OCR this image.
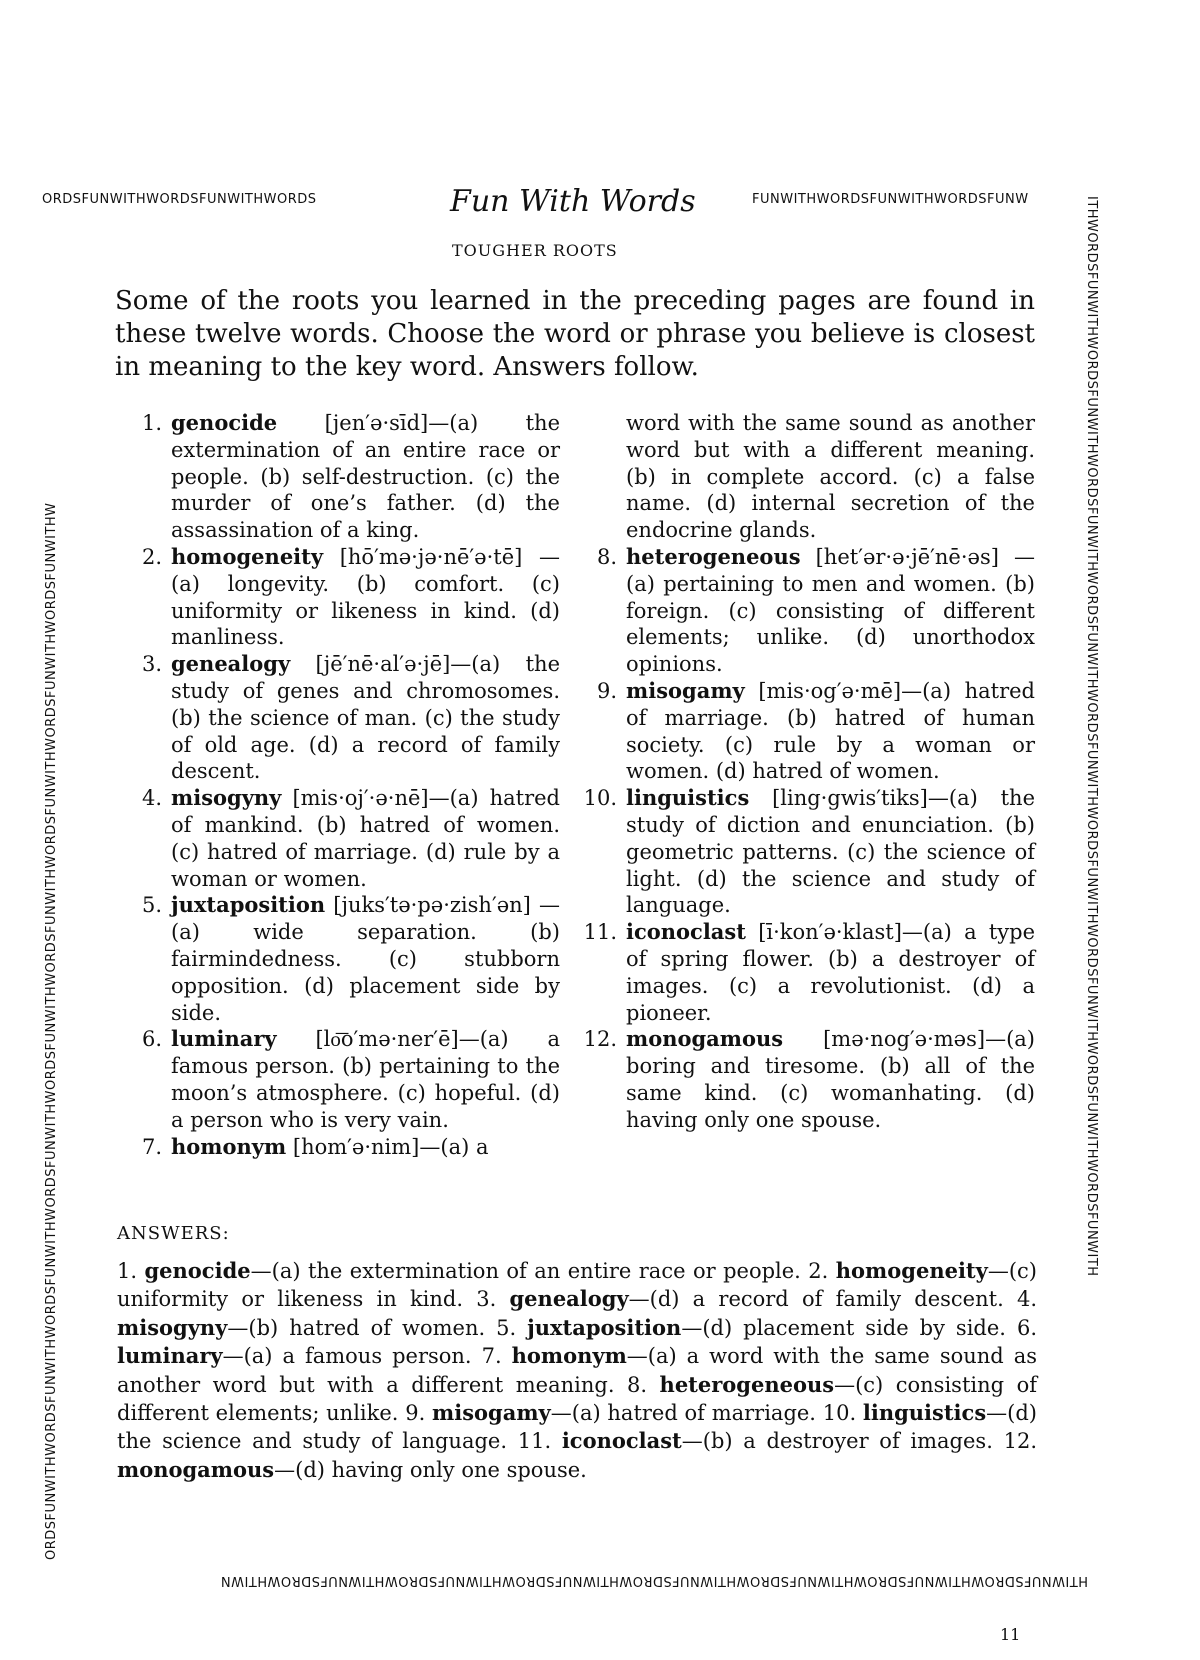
ORDSFUNWITHWORDSFUNWITHWORDS	FUNWITHWORDSFUNWITHWORDSFUNW
ORDSFUNWITHWORDSFUNWITHWORDSFUNWITHWORDSFUNWITHWORDSFUNWITHWORDSFUNWITHWORDSFUNWITHWORDSFUNWITHWORDSFUNWITHW	ITHWORDSFUNWITHWORDSFUNWITHWORDSFUNWITHWORDSFUNWITHWORDSFUNWITHWORDSFUNWITHWORDSFUNWITHWORDSFUNWITHWORDSFUNWITH
HTIWNUFSDROWHTIWNUFSDROWHTIWNUFSDROWHTIWNUFSDROWHTIWNUFSDROWHTIWNUFSDROWHTIWNUFSDROWHTIWN
Fun With Words
TOUGHER ROOTS
Some of the roots you learned in the preceding pages are found in these twelve words. Choose the word or phrase you believe is closest in meaning to the key word. Answers follow.
1. genocide [jen′ə·sīd]—(a) the extermination of an entire race or people. (b) self-destruction. (c) the murder of one’s father. (d) the assassination of a king.
2. homogeneity [hō′mə·jə·nē′ə·tē] —(a) longevity. (b) comfort. (c) uniformity or likeness in kind. (d) manliness.
3. genealogy [jē′nē·al′ə·jē]—(a) the study of genes and chromosomes. (b) the science of man. (c) the study of old age. (d) a record of family descent.
4. misogyny [mis·oj′·ə·nē]—(a) hatred of mankind. (b) hatred of women. (c) hatred of marriage. (d) rule by a woman or women.
5. juxtaposition [juks′tə·pə·zish′ən] —(a) wide separation. (b) fairmindedness. (c) stubborn opposition. (d) placement side by side.
6. luminary [lo͞o′mə·ner′ē]—(a) a famous person. (b) pertaining to the moon’s atmosphere. (c) hopeful. (d) a person who is very vain.
7. homonym [hom′ə·nim]—(a) a
word with the same sound as another word but with a different meaning. (b) in complete accord. (c) a false name. (d) internal secretion of the endocrine glands.
8. heterogeneous [het′ər·ə·jē′nē·əs] —(a) pertaining to men and women. (b) foreign. (c) consisting of different elements; unlike. (d) unorthodox opinions.
9. misogamy [mis·og′ə·mē]—(a) hatred of marriage. (b) hatred of human society. (c) rule by a woman or women. (d) hatred of women.
10. linguistics [ling·gwis′tiks]—(a) the study of diction and enunciation. (b) geometric patterns. (c) the science of light. (d) the science and study of language.
11. iconoclast [ī·kon′ə·klast]—(a) a type of spring flower. (b) a destroyer of images. (c) a revolutionist. (d) a pioneer.
12. monogamous [mə·nog′ə·məs]—(a) boring and tiresome. (b) all of the same kind. (c) womanhating. (d) having only one spouse.
ANSWERS:
1. genocide—(a) the extermination of an entire race or people. 2. homogeneity—(c) uniformity or likeness in kind. 3. genealogy—(d) a record of family descent. 4. misogyny—(b) hatred of women. 5. juxtaposition—(d) placement side by side. 6. luminary—(a) a famous person. 7. homonym—(a) a word with the same sound as another word but with a different meaning. 8. heterogeneous—(c) consisting of different elements; unlike. 9. misogamy—(a) hatred of marriage. 10. linguistics—(d) the science and study of language. 11. iconoclast—(b) a destroyer of images. 12. monogamous—(d) having only one spouse.
11
